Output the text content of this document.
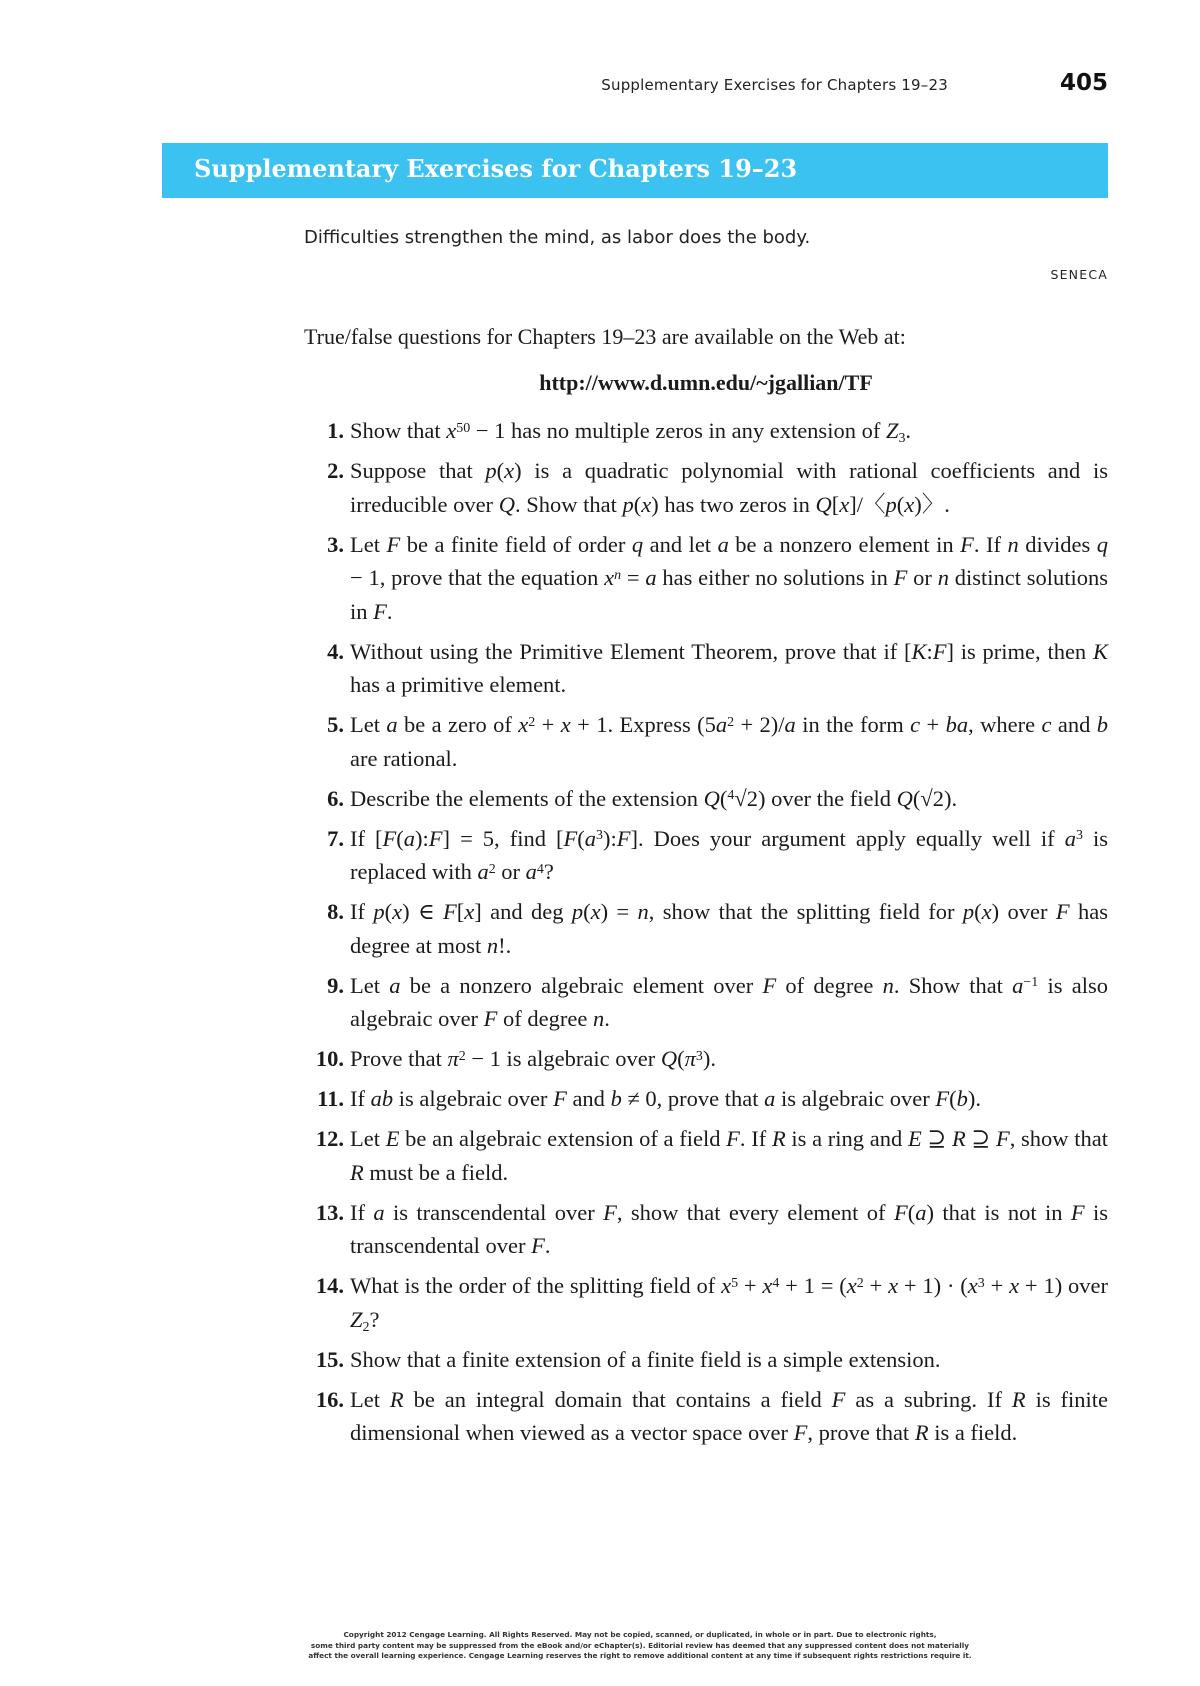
Supplementary Exercises for Chapters 19–23	405
Supplementary Exercises for Chapters 19–23

Difficulties strengthen the mind, as labor does the body.

SENECA
True/false questions for Chapters 19–23 are available on the Web at:
http://www.d.umn.edu/~jgallian/TF
1. Show that $x^{50} - 1$ has no multiple zeros in any extension of $Z_3$.
2. Suppose that p(x) is a quadratic polynomial with rational coefficients and is irreducible over Q. Show that p(x) has two zeros in Q[x]/〈p(x)〉.
3. Let F be a finite field of order q and let a be a nonzero element in F. If n divides q − 1, prove that the equation $x^n = a$ has either no solutions in F or n distinct solutions in F.
4. Without using the Primitive Element Theorem, prove that if [K:F] is prime, then K has a primitive element.
5. Let a be a zero of $x^2 + x + 1$. Express $(5a^2 + 2)/a$ in the form c + ba, where c and b are rational.
6. Describe the elements of the extension Q($^4$√2) over the field Q(√2).
7. If [F(a):F] = 5, find $[F(a^3):F]$. Does your argument apply equally well if $a^3$ is replaced with $a^2$ or $a^4$?
8. If p(x) ∈ F[x] and deg p(x) = n, show that the splitting field for p(x) over F has degree at most n!.
9. Let a be a nonzero algebraic element over F of degree n. Show that $a^{-1}$ is also algebraic over F of degree n.
10. Prove that $\pi^2 - 1$ is algebraic over $Q(\pi^3)$.
11. If ab is algebraic over F and b ≠ 0, prove that a is algebraic over F(b).
12. Let E be an algebraic extension of a field F. If R is a ring and E ⊇ R ⊇ F, show that R must be a field.
13. If a is transcendental over F, show that every element of F(a) that is not in F is transcendental over F.
14. What is the order of the splitting field of $x^5 + x^4 + 1 = (x^2 + x + 1) \cdot (x^3 + x + 1)$ over $Z_2$?
15. Show that a finite extension of a finite field is a simple extension.
16. Let R be an integral domain that contains a field F as a subring. If R is finite dimensional when viewed as a vector space over F, prove that R is a field.
Copyright 2012 Cengage Learning. All Rights Reserved. May not be copied, scanned, or duplicated, in whole or in part. Due to electronic rights,
some third party content may be suppressed from the eBook and/or eChapter(s). Editorial review has deemed that any suppressed content does not materially
affect the overall learning experience. Cengage Learning reserves the right to remove additional content at any time if subsequent rights restrictions require it.
